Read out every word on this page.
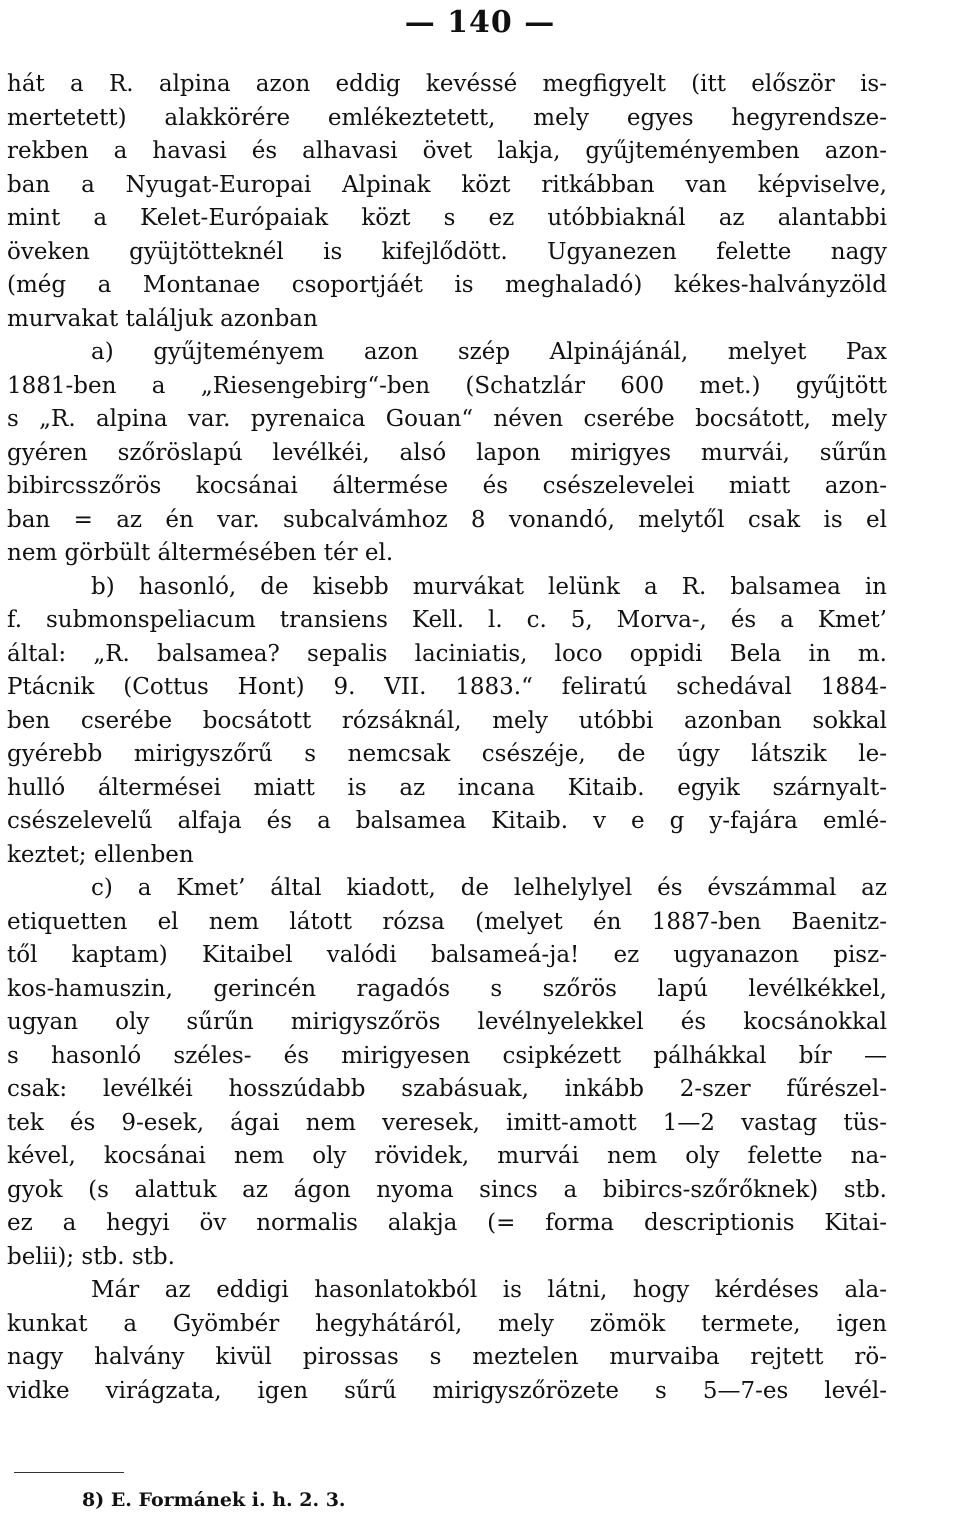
— 140 —
hát a R. alpina azon eddig kevéssé megfigyelt (itt először is-
mertetett) alakkörére emlékeztetett, mely egyes hegyrendsze-
rekben a havasi és alhavasi övet lakja, gyűjteményemben azon-
ban a Nyugat-Europai Alpinak közt ritkábban van képviselve,
mint a Kelet-Európaiak közt s ez utóbbiaknál az alantabbi
öveken gyüjtötteknél is kifejlődött. Ugyanezen felette nagy
(még a Montanae csoportjáét is meghaladó) kékes-halványzöld
murvakat találjuk azonban
a) gyűjteményem azon szép Alpinájánál, melyet Pax
1881-ben a „Riesengebirg“-ben (Schatzlár 600 met.) gyűjtött
s „R. alpina var. pyrenaica Gouan“ néven cserébe bocsátott, mely
gyéren szőröslapú levélkéi, alsó lapon mirigyes murvái, sűrűn
bibircsszőrös kocsánai áltermése és csészelevelei miatt azon-
ban = az én var. subcalvámhoz 8 vonandó, melytől csak is el
nem görbült áltermésében tér el.
b) hasonló, de kisebb murvákat lelünk a R. balsamea in
f. submonspeliacum transiens Kell. l. c. 5, Morva-, és a Kmet’
által: „R. balsamea? sepalis laciniatis, loco oppidi Bela in m.
Ptácnik (Cottus Hont) 9. VII. 1883.“ feliratú schedával 1884-
ben cserébe bocsátott rózsáknál, mely utóbbi azonban sokkal
gyérebb mirigyszőrű s nemcsak csészéje, de úgy látszik le-
hulló áltermései miatt is az incana Kitaib. egyik szárnyalt-
csészelevelű alfaja és a balsamea Kitaib. v e g y-fajára emlé-
keztet; ellenben
c) a Kmet’ által kiadott, de lelhelylyel és évszámmal az
etiquetten el nem látott rózsa (melyet én 1887-ben Baenitz-
től kaptam) Kitaibel valódi balsameá-ja! ez ugyanazon pisz-
kos-hamuszin, gerincén ragadós s szőrös lapú levélkékkel,
ugyan oly sűrűn mirigyszőrös levélnyelekkel és kocsánokkal
s hasonló széles- és mirigyesen csipkézett pálhákkal bír —
csak: levélkéi hosszúdabb szabásuak, inkább 2-szer fűrészel-
tek és 9-esek, ágai nem veresek, imitt-amott 1—2 vastag tüs-
kével, kocsánai nem oly rövidek, murvái nem oly felette na-
gyok (s alattuk az ágon nyoma sincs a bibircs-szőrőknek) stb.
ez a hegyi öv normalis alakja (= forma descriptionis Kitai-
belii); stb. stb.
Már az eddigi hasonlatokból is látni, hogy kérdéses ala-
kunkat a Gyömbér hegyhátáról, mely zömök termete, igen
nagy halvány kivül pirossas s meztelen murvaiba rejtett rö-
vidke virágzata, igen sűrű mirigyszőrözete s 5—7-es levél-
8) E. Formánek i. h. 2. 3.
